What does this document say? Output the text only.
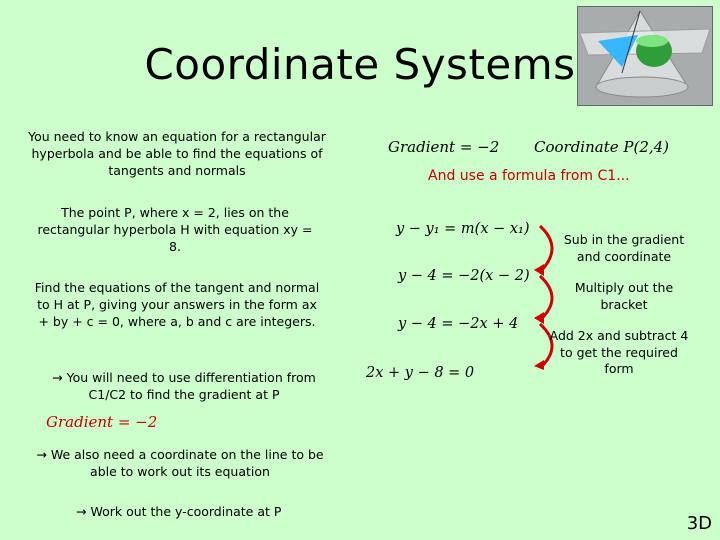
Coordinate Systems
You need to know an equation for a rectangular hyperbola and be able to find the equations of tangents and normals
The point P, where x = 2, lies on the rectangular hyperbola H with equation xy = 8.
Find the equations of the tangent and normal to H at P, giving your answers in the form ax + by + c = 0, where a, b and c are integers.
→ You will need to use differentiation from C1/C2 to find the gradient at P
Gradient = −2
→ We also need a coordinate on the line to be able to work out its equation
→ Work out the y-coordinate at P
Gradient = −2 Coordinate P(2,4)
And use a formula from C1...
y − y₁ = m(x − x₁)
y − 4 = −2(x − 2)
y − 4 = −2x + 4
2x + y − 8 = 0
Sub in the gradient and coordinate
Multiply out the bracket
Add 2x and subtract 4 to get the required form
3D
